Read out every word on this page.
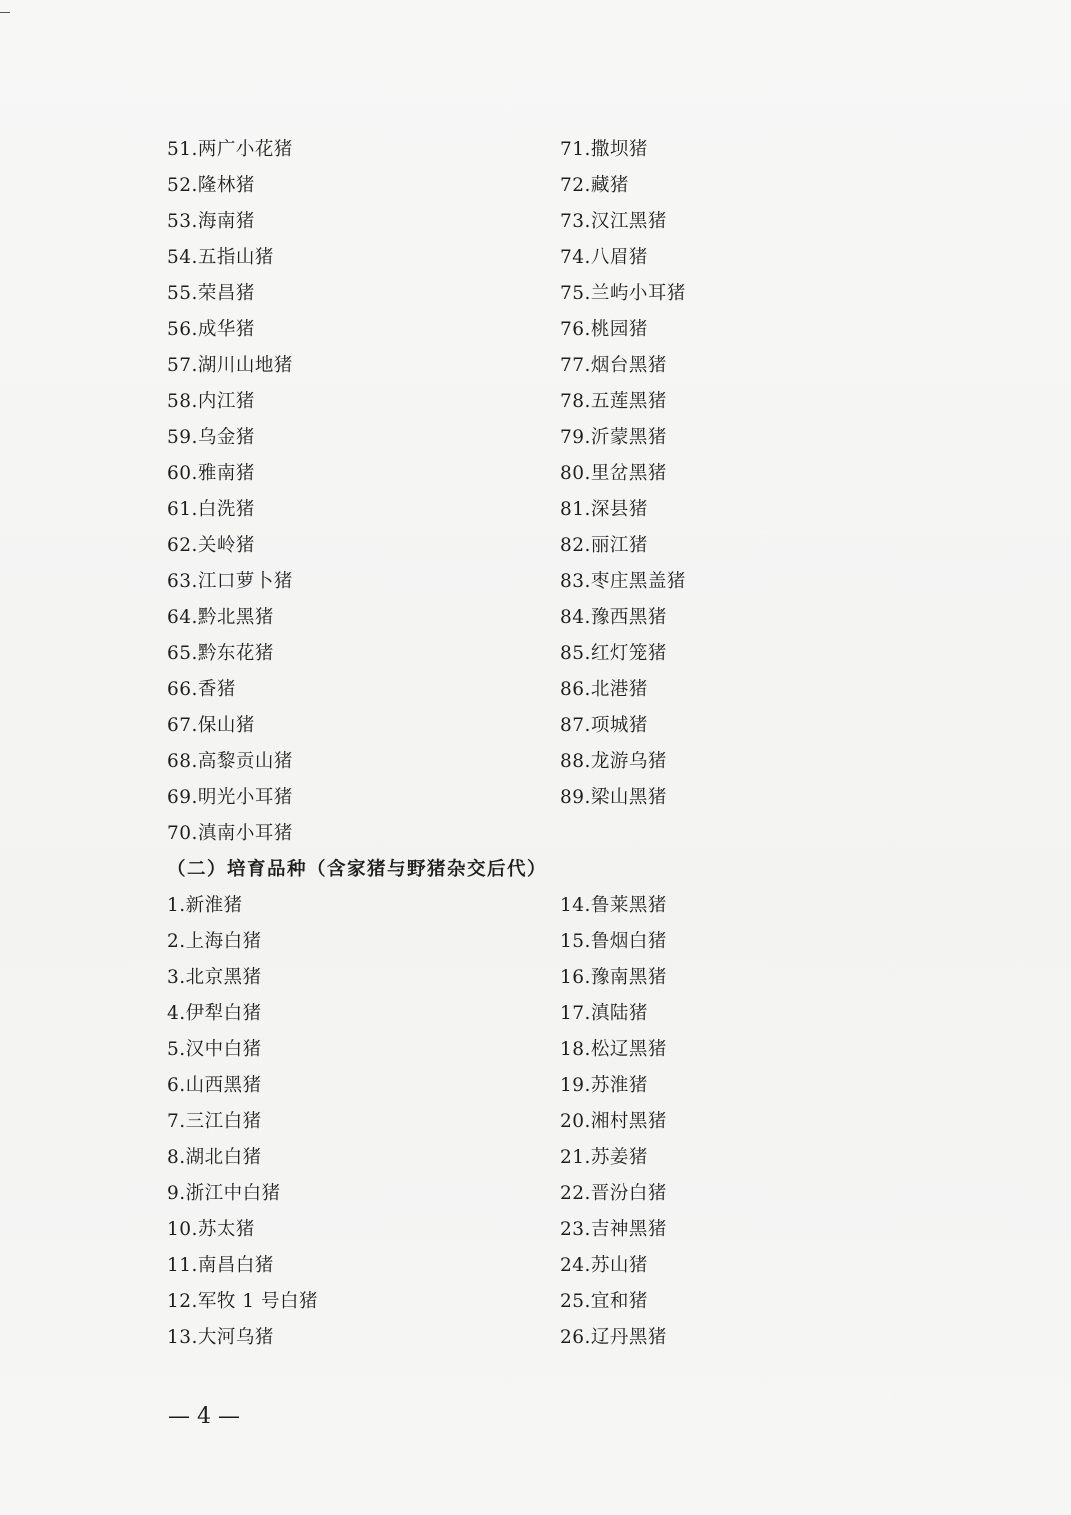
51.两广小花猪
52.隆林猪
53.海南猪
54.五指山猪
55.荣昌猪
56.成华猪
57.湖川山地猪
58.内江猪
59.乌金猪
60.雅南猪
61.白洗猪
62.关岭猪
63.江口萝卜猪
64.黔北黑猪
65.黔东花猪
66.香猪
67.保山猪
68.高黎贡山猪
69.明光小耳猪
70.滇南小耳猪
71.撒坝猪
72.藏猪
73.汉江黑猪
74.八眉猪
75.兰屿小耳猪
76.桃园猪
77.烟台黑猪
78.五莲黑猪
79.沂蒙黑猪
80.里岔黑猪
81.深县猪
82.丽江猪
83.枣庄黑盖猪
84.豫西黑猪
85.红灯笼猪
86.北港猪
87.项城猪
88.龙游乌猪
89.梁山黑猪
（二）培育品种（含家猪与野猪杂交后代）
1.新淮猪
2.上海白猪
3.北京黑猪
4.伊犁白猪
5.汉中白猪
6.山西黑猪
7.三江白猪
8.湖北白猪
9.浙江中白猪
10.苏太猪
11.南昌白猪
12.军牧 1 号白猪
13.大河乌猪
14.鲁莱黑猪
15.鲁烟白猪
16.豫南黑猪
17.滇陆猪
18.松辽黑猪
19.苏淮猪
20.湘村黑猪
21.苏姜猪
22.晋汾白猪
23.吉神黑猪
24.苏山猪
25.宜和猪
26.辽丹黑猪
— 4 —
